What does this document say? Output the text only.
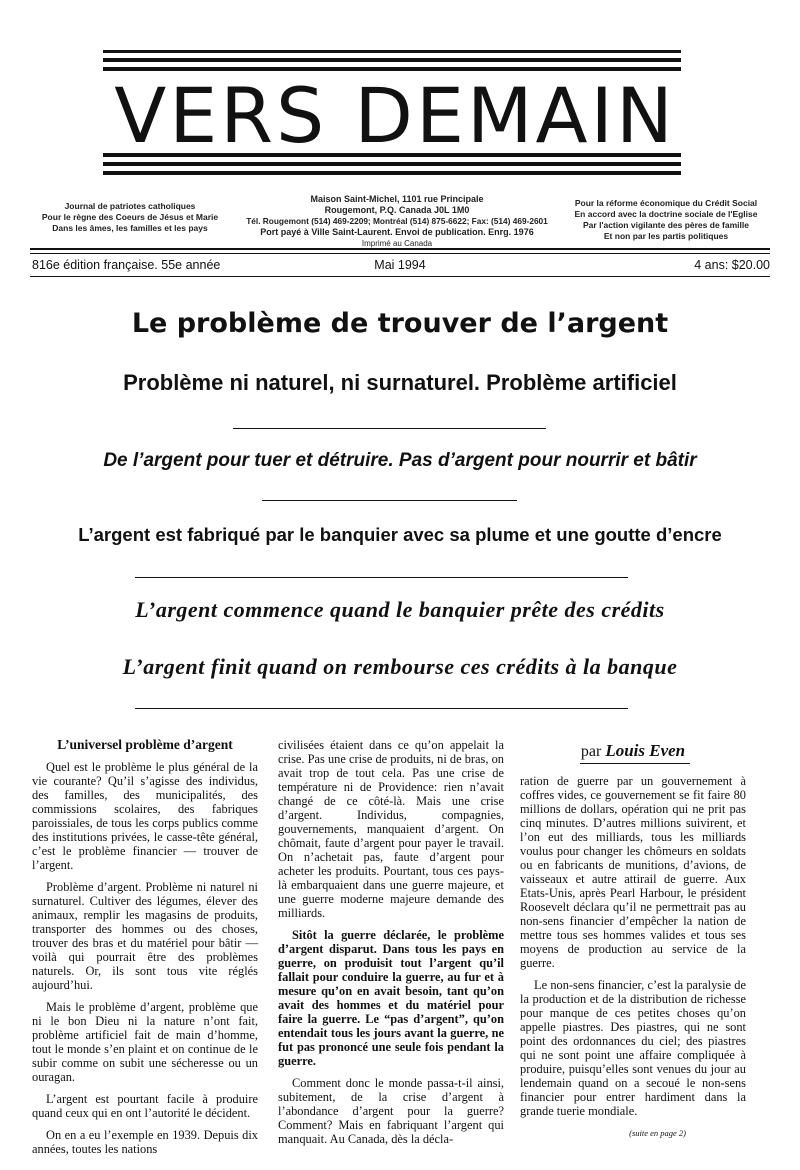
VERS DEMAIN
Journal de patriotes catholiques
Pour le règne des Coeurs de Jésus et Marie
Dans les âmes, les familles et les pays
Maison Saint-Michel, 1101 rue Principale
Rougemont, P.Q. Canada J0L 1M0
Tél. Rougemont (514) 469-2209; Montréal (514) 875-6622; Fax: (514) 469-2601
Port payé à Ville Saint-Laurent. Envoi de publication. Enrg. 1976
Imprimé au Canada
Pour la réforme économique du Crédit Social
En accord avec la doctrine sociale de l'Eglise
Par l'action vigilante des pères de famille
Et non par les partis politiques
816e édition française. 55e année	Mai 1994	4 ans: $20.00
Le problème de trouver de l’argent
Problème ni naturel, ni surnaturel. Problème artificiel
De l’argent pour tuer et détruire. Pas d’argent pour nourrir et bâtir
L’argent est fabriqué par le banquier avec sa plume et une goutte d’encre
L’argent commence quand le banquier prête des crédits
L’argent finit quand on rembourse ces crédits à la banque

L’universel problème d’argent

Quel est le problème le plus général de la vie courante? Qu’il s’agisse des individus, des familles, des municipalités, des commissions scolaires, des fabriques paroissiales, de tous les corps publics comme des institutions privées, le casse-tête général, c’est le problème financier — trouver de l’argent.

Problème d’argent. Problème ni naturel ni surnaturel. Cultiver des légumes, élever des animaux, remplir les magasins de produits, transporter des hommes ou des choses, trouver des bras et du matériel pour bâtir — voilà qui pourrait être des problèmes naturels. Or, ils sont tous vite réglés aujourd’hui.

Mais le problème d’argent, problème que ni le bon Dieu ni la nature n’ont fait, problème artificiel fait de main d’homme, tout le monde s’en plaint et on continue de le subir comme on subit une sécheresse ou un ouragan.

L’argent est pourtant facile à produire quand ceux qui en ont l’autorité le décident.

On en a eu l’exemple en 1939. Depuis dix années, toutes les nations

civilisées étaient dans ce qu’on appelait la crise. Pas une crise de produits, ni de bras, on avait trop de tout cela. Pas une crise de température ni de Providence: rien n’avait changé de ce côté-là. Mais une crise d’argent. Individus, compagnies, gouvernements, manquaient d’argent. On chômait, faute d’argent pour payer le travail. On n’achetait pas, faute d’argent pour acheter les produits. Pourtant, tous ces pays-là embarquaient dans une guerre majeure, et une guerre moderne majeure demande des milliards.

Sitôt la guerre déclarée, le problème d’argent disparut. Dans tous les pays en guerre, on produisit tout l’argent qu’il fallait pour conduire la guerre, au fur et à mesure qu’on en avait besoin, tant qu’on avait des hommes et du matériel pour faire la guerre. Le “pas d’argent”, qu’on entendait tous les jours avant la guerre, ne fut pas prononcé une seule fois pendant la guerre.

Comment donc le monde passa-t-il ainsi, subitement, de la crise d’argent à l’abondance d’argent pour la guerre? Comment? Mais en fabriquant l’argent qui manquait. Au Canada, dès la décla-

par Louis Even

ration de guerre par un gouvernement à coffres vides, ce gouvernement se fit faire 80 millions de dollars, opération qui ne prit pas cinq minutes. D’autres millions suivirent, et l’on eut des milliards, tous les milliards voulus pour changer les chômeurs en soldats ou en fabricants de munitions, d’avions, de vaisseaux et autre attirail de guerre. Aux Etats-Unis, après Pearl Harbour, le président Roosevelt déclara qu’il ne permettrait pas au non-sens financier d’empêcher la nation de mettre tous ses hommes valides et tous ses moyens de production au service de la guerre.

Le non-sens financier, c’est la paralysie de la production et de la distribution de richesse pour manque de ces petites choses qu’on appelle piastres. Des piastres, qui ne sont point des ordonnances du ciel; des piastres qui ne sont point une affaire compliquée à produire, puisqu’elles sont venues du jour au lendemain quand on a secoué le non-sens financier pour entrer hardiment dans la grande tuerie mondiale.

(suite en page 2)
